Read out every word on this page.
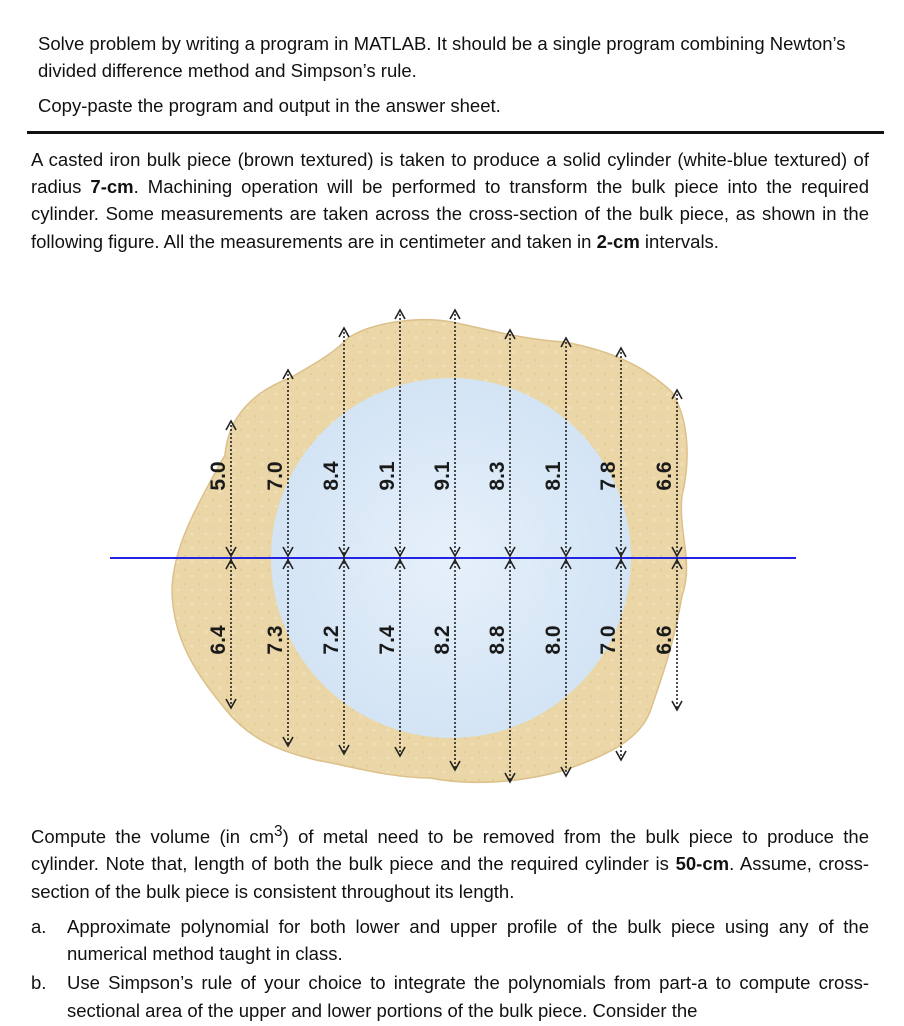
Solve problem by writing a program in MATLAB. It should be a single program combining Newton’s divided difference method and Simpson’s rule.

Copy-paste the program and output in the answer sheet.

A casted iron bulk piece (brown textured) is taken to produce a solid cylinder (white-blue textured) of radius 7-cm. Machining operation will be performed to transform the bulk piece into the required cylinder. Some measurements are taken across the cross-section of the bulk piece, as shown in the following figure. All the measurements are in centimeter and taken in 2-cm intervals.

5.0
6.4
7.0
7.3
8.4
7.2
9.1
7.4
9.1
8.2
8.3
8.8
8.1
8.0
7.8
7.0
6.6
6.6

Compute the volume (in $cm^3$) of metal need to be removed from the bulk piece to produce the cylinder. Note that, length of both the bulk piece and the required cylinder is 50-cm. Assume, cross-section of the bulk piece is consistent throughout its length.

a. Approximate polynomial for both lower and upper profile of the bulk piece using any of the numerical method taught in class.
b. Use Simpson’s rule of your choice to integrate the polynomials from part-a to compute cross-sectional area of the upper and lower portions of the bulk piece. Consider the
